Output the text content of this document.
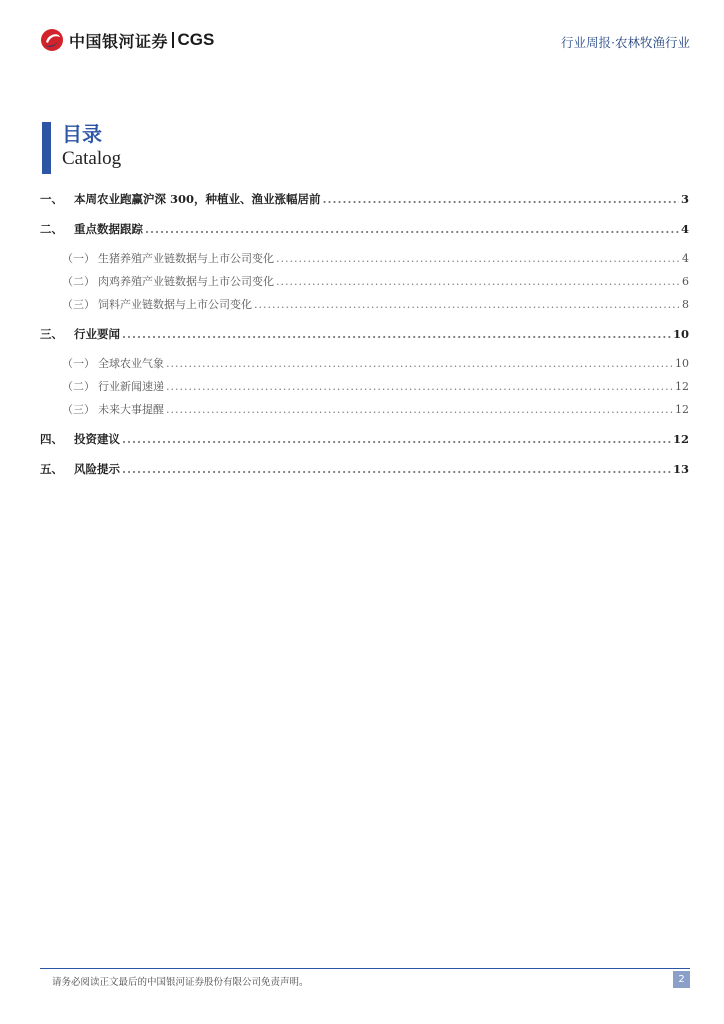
中国银河证券 CGS	行业周报·农林牧渔行业
目录
Catalog
一、 本周农业跑赢沪深 300，种植业、渔业涨幅居前 .....	3
二、 重点数据跟踪 .....	4
（一） 生猪养殖产业链数据与上市公司变化 .....	4
（二） 肉鸡养殖产业链数据与上市公司变化 .....	6
（三） 饲料产业链数据与上市公司变化 .....	8
三、 行业要闻 .....	10
（一） 全球农业气象 .....	10
（二） 行业新闻速递 .....	12
（三） 未来大事提醒 .....	12
四、 投资建议 .....	12
五、 风险提示 .....	13
请务必阅读正文最后的中国银河证券股份有限公司免责声明。	2
